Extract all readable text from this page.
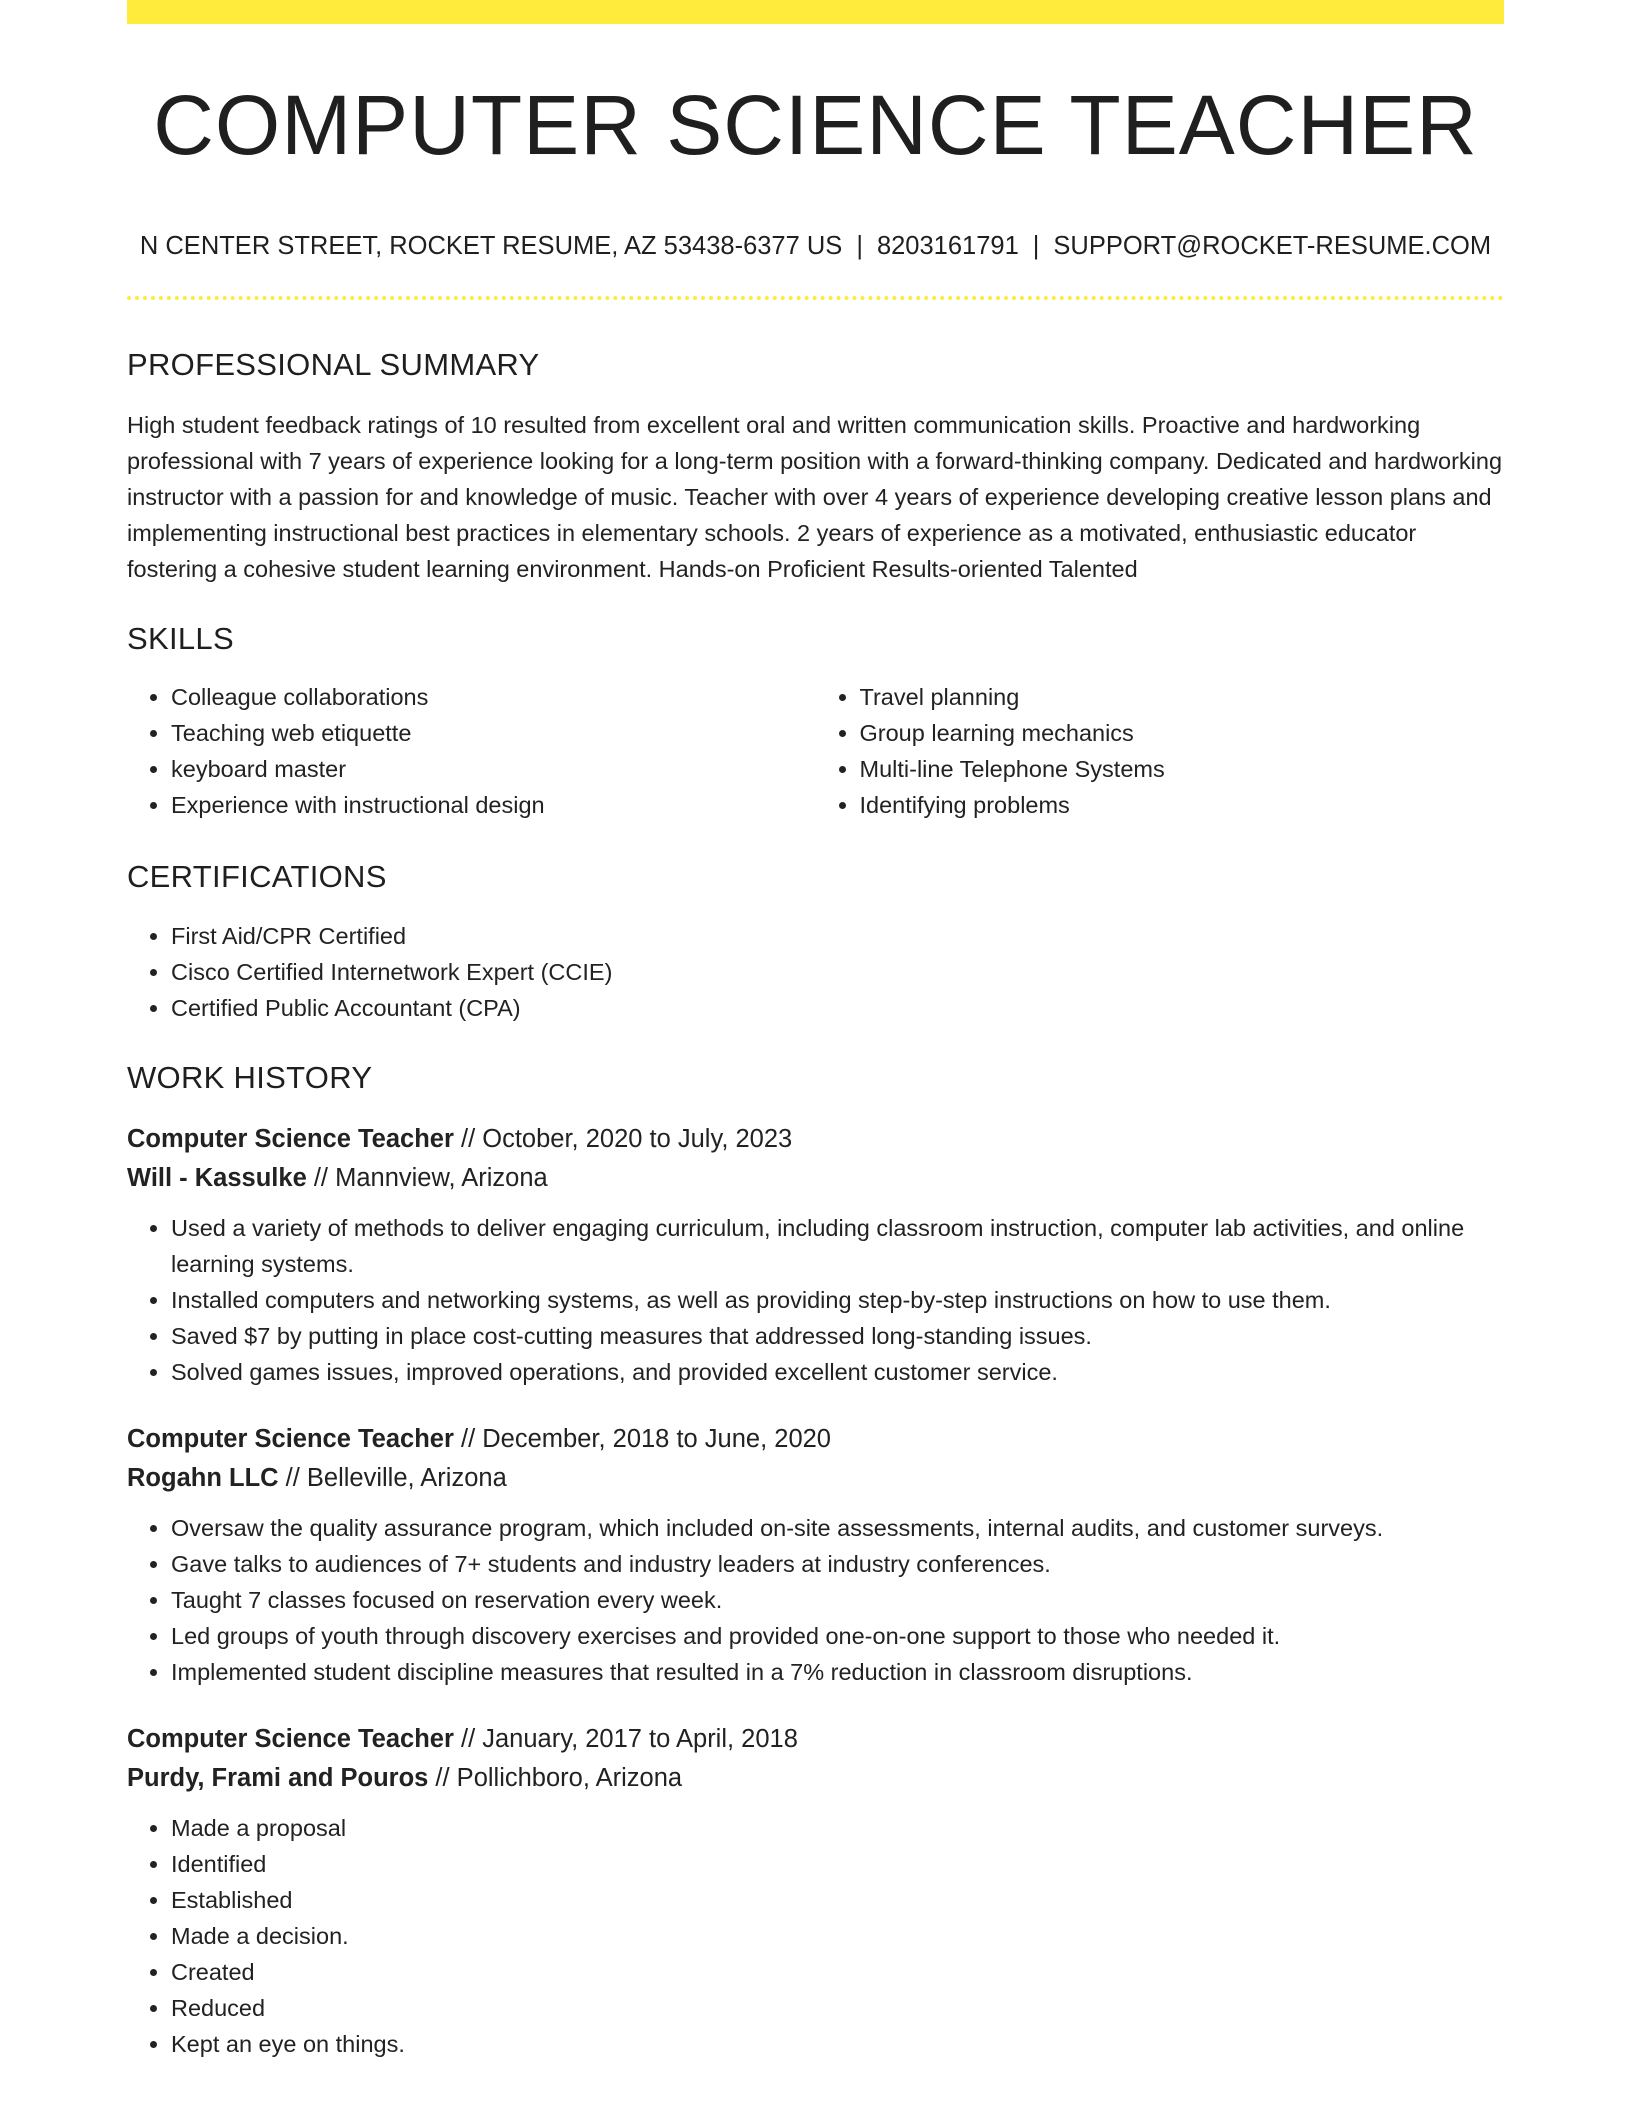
COMPUTER SCIENCE TEACHER
N CENTER STREET, ROCKET RESUME, AZ 53438-6377 US | 8203161791 | SUPPORT@ROCKET-RESUME.COM
PROFESSIONAL SUMMARY

High student feedback ratings of 10 resulted from excellent oral and written communication skills. Proactive and hardworking professional with 7 years of experience looking for a long-term position with a forward-thinking company. Dedicated and hardworking instructor with a passion for and knowledge of music. Teacher with over 4 years of experience developing creative lesson plans and implementing instructional best practices in elementary schools. 2 years of experience as a motivated, enthusiastic educator fostering a cohesive student learning environment. Hands-on Proficient Results-oriented Talented

SKILLS
• Colleague collaborations
• Teaching web etiquette
• keyboard master
• Experience with instructional design
• Travel planning
• Group learning mechanics
• Multi-line Telephone Systems
• Identifying problems
CERTIFICATIONS
• First Aid/CPR Certified
• Cisco Certified Internetwork Expert (CCIE)
• Certified Public Accountant (CPA)
WORK HISTORY
Computer Science Teacher // October, 2020 to July, 2023
Will - Kassulke // Mannview, Arizona
• Used a variety of methods to deliver engaging curriculum, including classroom instruction, computer lab activities, and online learning systems.
• Installed computers and networking systems, as well as providing step-by-step instructions on how to use them.
• Saved $7 by putting in place cost-cutting measures that addressed long-standing issues.
• Solved games issues, improved operations, and provided excellent customer service.
Computer Science Teacher // December, 2018 to June, 2020
Rogahn LLC // Belleville, Arizona
• Oversaw the quality assurance program, which included on-site assessments, internal audits, and customer surveys.
• Gave talks to audiences of 7+ students and industry leaders at industry conferences.
• Taught 7 classes focused on reservation every week.
• Led groups of youth through discovery exercises and provided one-on-one support to those who needed it.
• Implemented student discipline measures that resulted in a 7% reduction in classroom disruptions.
Computer Science Teacher // January, 2017 to April, 2018
Purdy, Frami and Pouros // Pollichboro, Arizona
• Made a proposal
• Identified
• Established
• Made a decision.
• Created
• Reduced
• Kept an eye on things.
